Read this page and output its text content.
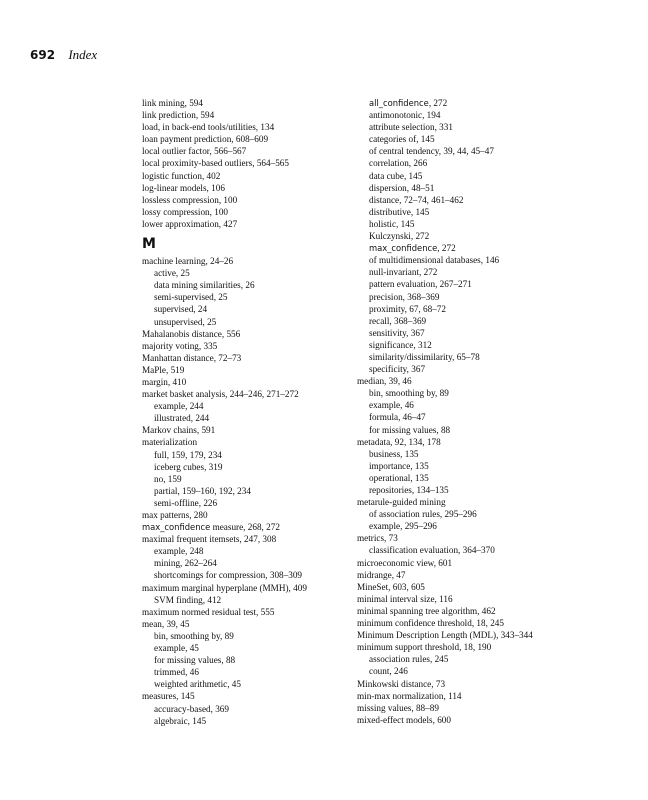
692 Index
link mining, 594
link prediction, 594
load, in back-end tools/utilities, 134
loan payment prediction, 608–609
local outlier factor, 566–567
local proximity-based outliers, 564–565
logistic function, 402
log-linear models, 106
lossless compression, 100
lossy compression, 100
lower approximation, 427
M
machine learning, 24–26
active, 25
data mining similarities, 26
semi-supervised, 25
supervised, 24
unsupervised, 25
Mahalanobis distance, 556
majority voting, 335
Manhattan distance, 72–73
MaPle, 519
margin, 410
market basket analysis, 244–246, 271–272
example, 244
illustrated, 244
Markov chains, 591
materialization
full, 159, 179, 234
iceberg cubes, 319
no, 159
partial, 159–160, 192, 234
semi-offline, 226
max patterns, 280
max_confidence measure, 268, 272
maximal frequent itemsets, 247, 308
example, 248
mining, 262–264
shortcomings for compression, 308–309
maximum marginal hyperplane (MMH), 409
SVM finding, 412
maximum normed residual test, 555
mean, 39, 45
bin, smoothing by, 89
example, 45
for missing values, 88
trimmed, 46
weighted arithmetic, 45
measures, 145
accuracy-based, 369
algebraic, 145
all_confidence, 272
antimonotonic, 194
attribute selection, 331
categories of, 145
of central tendency, 39, 44, 45–47
correlation, 266
data cube, 145
dispersion, 48–51
distance, 72–74, 461–462
distributive, 145
holistic, 145
Kulczynski, 272
max_confidence, 272
of multidimensional databases, 146
null-invariant, 272
pattern evaluation, 267–271
precision, 368–369
proximity, 67, 68–72
recall, 368–369
sensitivity, 367
significance, 312
similarity/dissimilarity, 65–78
specificity, 367
median, 39, 46
bin, smoothing by, 89
example, 46
formula, 46–47
for missing values, 88
metadata, 92, 134, 178
business, 135
importance, 135
operational, 135
repositories, 134–135
metarule-guided mining
of association rules, 295–296
example, 295–296
metrics, 73
classification evaluation, 364–370
microeconomic view, 601
midrange, 47
MineSet, 603, 605
minimal interval size, 116
minimal spanning tree algorithm, 462
minimum confidence threshold, 18, 245
Minimum Description Length (MDL), 343–344
minimum support threshold, 18, 190
association rules, 245
count, 246
Minkowski distance, 73
min-max normalization, 114
missing values, 88–89
mixed-effect models, 600
